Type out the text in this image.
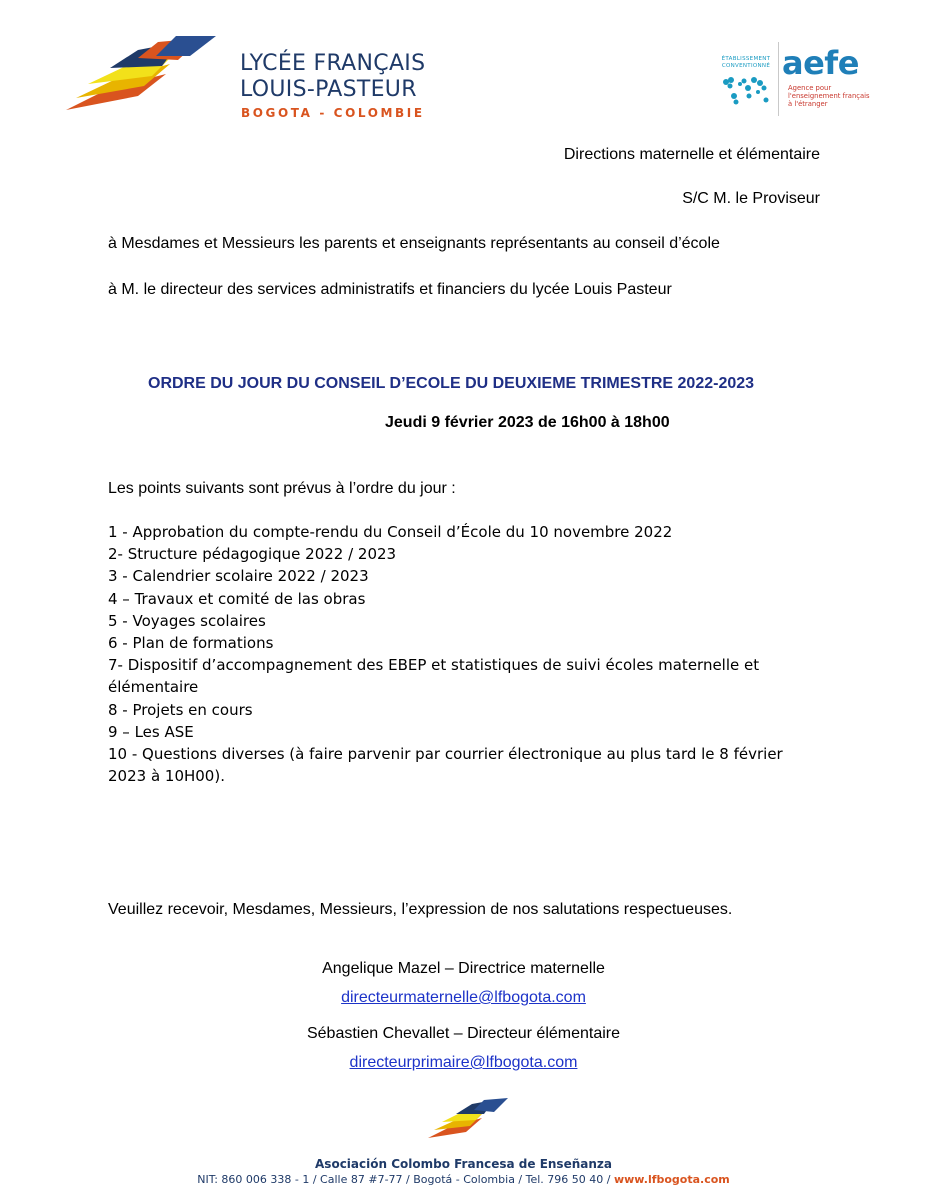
LYCÉE FRANÇAIS
LOUIS-PASTEUR
BOGOTA - COLOMBIE
ÉTABLISSEMENT
CONVENTIONNÉ aefe
Agence pour
l'enseignement français
à l'étranger
Directions maternelle et élémentaire
S/C M. le Proviseur
à Mesdames et Messieurs les parents et enseignants représentants au conseil d’école
à M. le directeur des services administratifs et financiers du lycée Louis Pasteur
ORDRE DU JOUR DU CONSEIL D’ECOLE DU DEUXIEME TRIMESTRE 2022-2023
Jeudi 9 février 2023 de 16h00 à 18h00
Les points suivants sont prévus à l’ordre du jour :
1 - Approbation du compte-rendu du Conseil d’École du 10 novembre 2022
2- Structure pédagogique 2022 / 2023
3 - Calendrier scolaire 2022 / 2023
4 – Travaux et comité de las obras
5 - Voyages scolaires
6 - Plan de formations
7- Dispositif d’accompagnement des EBEP et statistiques de suivi écoles maternelle et
élémentaire
8 - Projets en cours
9 – Les ASE
10 - Questions diverses (à faire parvenir par courrier électronique au plus tard le 8 février
2023 à 10H00).
Veuillez recevoir, Mesdames, Messieurs, l’expression de nos salutations respectueuses.
Angelique Mazel – Directrice maternelle
directeurmaternelle@lfbogota.com
Sébastien Chevallet – Directeur élémentaire
directeurprimaire@lfbogota.com
Asociación Colombo Francesa de Enseñanza
NIT: 860 006 338 - 1 / Calle 87 #7-77 / Bogotá - Colombia / Tel. 796 50 40 / www.lfbogota.com
